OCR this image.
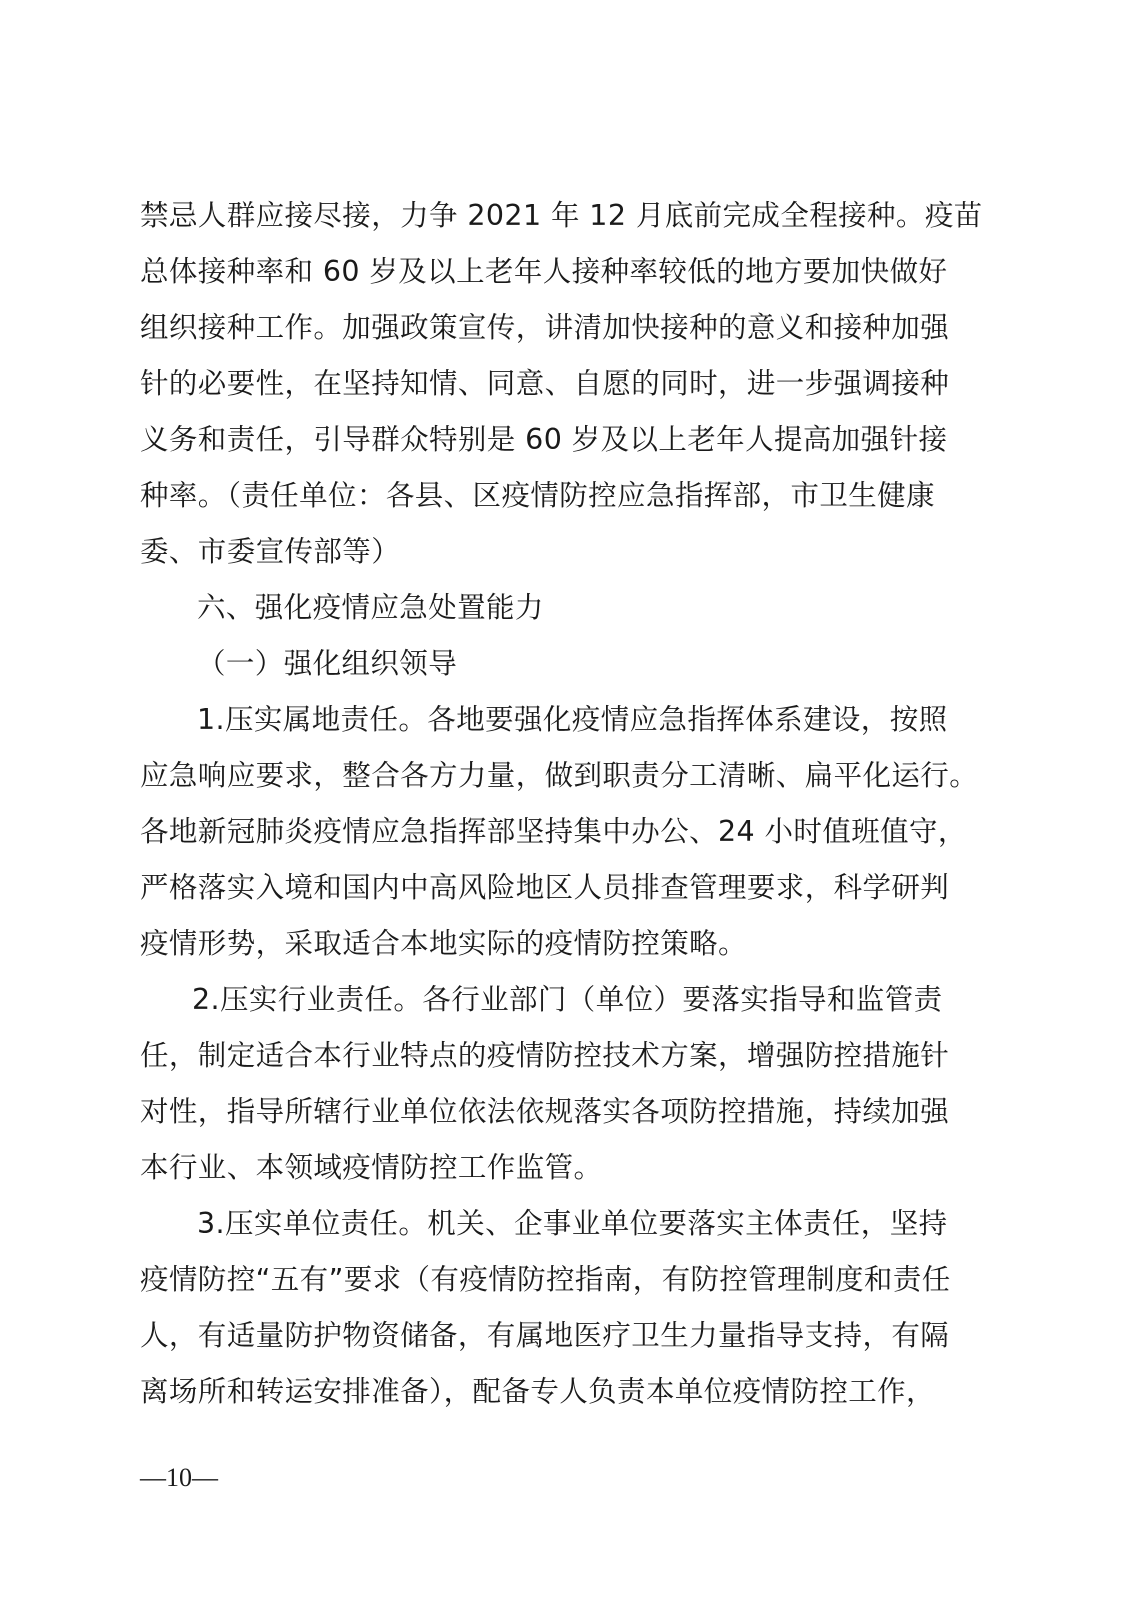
禁忌人群应接尽接，力争 2021 年 12 月底前完成全程接种。疫苗
总体接种率和 60 岁及以上老年人接种率较低的地方要加快做好
组织接种工作。加强政策宣传，讲清加快接种的意义和接种加强
针的必要性，在坚持知情、同意、自愿的同时，进一步强调接种
义务和责任，引导群众特别是 60 岁及以上老年人提高加强针接
种率。（责任单位：各县、区疫情防控应急指挥部，市卫生健康
委、市委宣传部等）
六、强化疫情应急处置能力
（一）强化组织领导
1.压实属地责任。各地要强化疫情应急指挥体系建设，按照
应急响应要求，整合各方力量，做到职责分工清晰、扁平化运行。
各地新冠肺炎疫情应急指挥部坚持集中办公、24 小时值班值守，
严格落实入境和国内中高风险地区人员排查管理要求，科学研判
疫情形势，采取适合本地实际的疫情防控策略。
2.压实行业责任。各行业部门（单位）要落实指导和监管责
任，制定适合本行业特点的疫情防控技术方案，增强防控措施针
对性，指导所辖行业单位依法依规落实各项防控措施，持续加强
本行业、本领域疫情防控工作监管。
3.压实单位责任。机关、企事业单位要落实主体责任，坚持
疫情防控“五有”要求（有疫情防控指南，有防控管理制度和责任
人，有适量防护物资储备，有属地医疗卫生力量指导支持，有隔
离场所和转运安排准备），配备专人负责本单位疫情防控工作，
—10—
